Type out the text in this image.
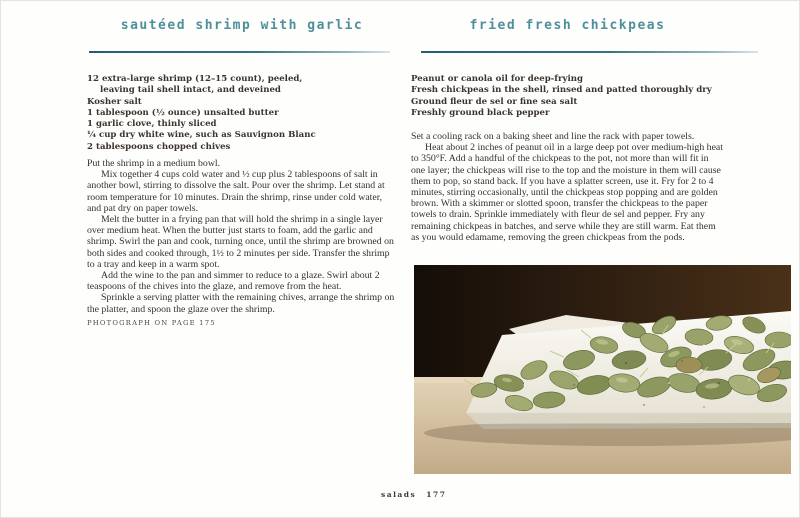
sautéed shrimp with garlic
12 extra-large shrimp (12–15 count), peeled,
leaving tail shell intact, and deveined
Kosher salt
1 tablespoon (½ ounce) unsalted butter
1 garlic clove, thinly sliced
¼ cup dry white wine, such as Sauvignon Blanc
2 tablespoons chopped chives

Put the shrimp in a medium bowl.

Mix together 4 cups cold water and ½ cup plus 2 tablespoons of salt in another bowl, stirring to dissolve the salt. Pour over the shrimp. Let stand at room temperature for 10 minutes. Drain the shrimp, rinse under cold water, and pat dry on paper towels.

Melt the butter in a frying pan that will hold the shrimp in a single layer over medium heat. When the butter just starts to foam, add the garlic and shrimp. Swirl the pan and cook, turning once, until the shrimp are browned on both sides and cooked through, 1½ to 2 minutes per side. Transfer the shrimp to a tray and keep in a warm spot.

Add the wine to the pan and simmer to reduce to a glaze. Swirl about 2 teaspoons of the chives into the glaze, and remove from the heat.

Sprinkle a serving platter with the remaining chives, arrange the shrimp on the platter, and spoon the glaze over the shrimp.

PHOTOGRAPH ON PAGE 175
fried fresh chickpeas
Peanut or canola oil for deep-frying
Fresh chickpeas in the shell, rinsed and patted thoroughly dry
Ground fleur de sel or fine sea salt
Freshly ground black pepper

Set a cooling rack on a baking sheet and line the rack with paper towels.

Heat about 2 inches of peanut oil in a large deep pot over medium-high heat to 350°F. Add a handful of the chickpeas to the pot, not more than will fit in one layer; the chickpeas will rise to the top and the moisture in them will cause them to pop, so stand back. If you have a splatter screen, use it. Fry for 2 to 4 minutes, stirring occasionally, until the chickpeas stop popping and are golden brown. With a skimmer or slotted spoon, transfer the chickpeas to the paper towels to drain. Sprinkle immediately with fleur de sel and pepper. Fry any remaining chickpeas in batches, and serve while they are still warm. Eat them as you would edamame, removing the green chickpeas from the pods.

salads 177
